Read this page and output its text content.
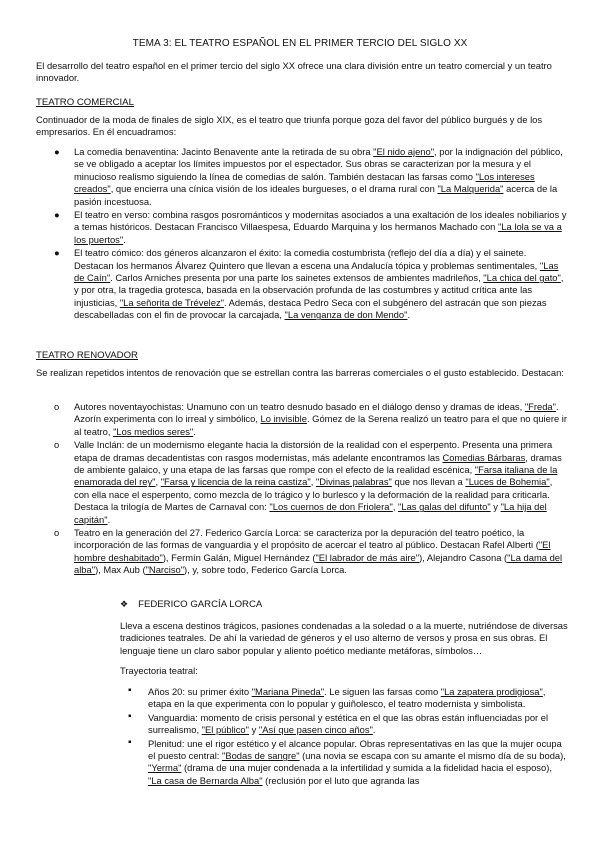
TEMA 3: EL TEATRO ESPAÑOL EN EL PRIMER TERCIO DEL SIGLO XX

El desarrollo del teatro español en el primer tercio del siglo XX ofrece una clara división entre un teatro comercial y un teatro innovador.

TEATRO COMERCIAL

Continuador de la moda de finales de siglo XIX, es el teatro que triunfa porque goza del favor del público burgués y de los empresarios. En él encuadramos:

● La comedia benaventina: Jacinto Benavente ante la retirada de su obra "El nido ajeno", por la indignación del público, se ve obligado a aceptar los límites impuestos por el espectador. Sus obras se caracterizan por la mesura y el minucioso realismo siguiendo la línea de comedias de salón. También destacan las farsas como "Los intereses creados", que encierra una cínica visión de los ideales burgueses, o el drama rural con "La Malquerida" acerca de la pasión incestuosa.
● El teatro en verso: combina rasgos posrománticos y modernitas asociados a una exaltación de los ideales nobiliarios y a temas históricos. Destacan Francisco Villaespesa, Eduardo Marquina y los hermanos Machado con "La lola se va a los puertos".
● El teatro cómico: dos géneros alcanzaron el éxito: la comedia costumbrista (reflejo del día a día) y el sainete. Destacan los hermanos Álvarez Quintero que llevan a escena una Andalucía tópica y problemas sentimentales, "Las de Caín". Carlos Arniches presenta por una parte los sainetes extensos de ambientes madrileños, "La chica del gato", y por otra, la tragedia grotesca, basada en la observación profunda de las costumbres y actitud crítica ante las injusticias, "La señorita de Trévelez". Además, destaca Pedro Seca con el subgénero del astracán que son piezas descabelladas con el fin de provocar la carcajada, "La venganza de don Mendo".

TEATRO RENOVADOR

Se realizan repetidos intentos de renovación que se estrellan contra las barreras comerciales o el gusto establecido. Destacan:

o Autores noventayochistas: Unamuno con un teatro desnudo basado en el diálogo denso y dramas de ideas, "Freda". Azorín experimenta con lo irreal y simbólico, Lo invisible. Gómez de la Serena realizó un teatro para el que no quiere ir al teatro, "Los medios seres".
o Valle Inclán: de un modernismo elegante hacia la distorsión de la realidad con el esperpento. Presenta una primera etapa de dramas decadentistas con rasgos modernistas, más adelante encontramos las Comedias Bárbaras, dramas de ambiente galaico, y una etapa de las farsas que rompe con el efecto de la realidad escénica, "Farsa italiana de la enamorada del rey", "Farsa y licencia de la reina castiza", "Divinas palabras" que nos llevan a "Luces de Bohemia", con ella nace el esperpento, como mezcla de lo trágico y lo burlesco y la deformación de la realidad para criticarla. Destaca la trilogía de Martes de Carnaval con: "Los cuernos de don Friolera", "Las galas del difunto" y "La hija del capitán".
o Teatro en la generación del 27. Federico García Lorca: se caracteriza por la depuración del teatro poético, la incorporación de las formas de vanguardia y el propósito de acercar el teatro al público. Destacan Rafel Alberti ("El hombre deshabitado"), Fermín Galán, Miguel Hernández ("El labrador de más aire"), Alejandro Casona ("La dama del alba"), Max Aub ("Narciso"), y, sobre todo, Federico García Lorca.

❖ FEDERICO GARCÍA LORCA

Lleva a escena destinos trágicos, pasiones condenadas a la soledad o a la muerte, nutriéndose de diversas tradiciones teatrales. De ahí la variedad de géneros y el uso alterno de versos y prosa en sus obras. El lenguaje tiene un claro sabor popular y aliento poético mediante metáforas, símbolos…

Trayectoria teatral:

▪ Años 20: su primer éxito "Mariana Pineda". Le siguen las farsas como "La zapatera prodigiosa", etapa en la que experimenta con lo popular y guiñolesco, el teatro modernista y simbolista.
▪ Vanguardia: momento de crisis personal y estética en el que las obras están influenciadas por el surrealismo, "El público" y "Así que pasen cinco años".
▪ Plenitud: une el rigor estético y el alcance popular. Obras representativas en las que la mujer ocupa el puesto central: "Bodas de sangre" (una novia se escapa con su amante el mismo día de su boda), "Yerma" (drama de una mujer condenada a la infertilidad y sumida a la fidelidad hacia el esposo), "La casa de Bernarda Alba" (reclusión por el luto que agranda las
